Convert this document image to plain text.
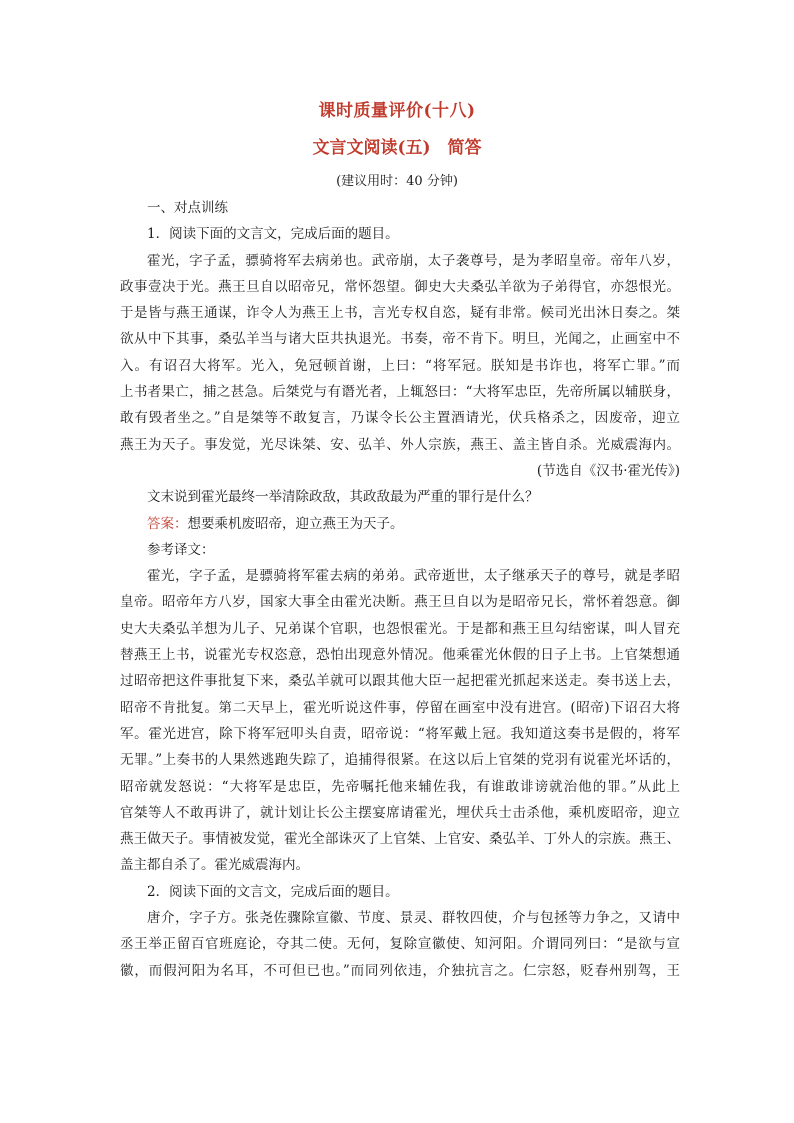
课时质量评价(十八)
文言文阅读(五)　简答
(建议用时：40 分钟)

一、对点训练

1．阅读下面的文言文，完成后面的题目。

霍光，字子孟，骠骑将军去病弟也。武帝崩，太子袭尊号，是为孝昭皇帝。帝年八岁，

政事壹决于光。燕王旦自以昭帝兄，常怀怨望。御史大夫桑弘羊欲为子弟得官，亦怨恨光。

于是皆与燕王通谋，诈令人为燕王上书，言光专权自恣，疑有非常。候司光出沐日奏之。桀

欲从中下其事，桑弘羊当与诸大臣共执退光。书奏，帝不肯下。明旦，光闻之，止画室中不

入。有诏召大将军。光入，免冠顿首谢，上曰：“将军冠。朕知是书诈也，将军亡罪。”而

上书者果亡，捕之甚急。后桀党与有谮光者，上辄怒曰：“大将军忠臣，先帝所属以辅朕身，

敢有毁者坐之。”自是桀等不敢复言，乃谋令长公主置酒请光，伏兵格杀之，因废帝，迎立

燕王为天子。事发觉，光尽诛桀、安、弘羊、外人宗族，燕王、盖主皆自杀。光威震海内。

(节选自《汉书·霍光传》)

文末说到霍光最终一举清除政敌，其政敌最为严重的罪行是什么？

答案：想要乘机废昭帝，迎立燕王为天子。

参考译文：

霍光，字子孟，是骠骑将军霍去病的弟弟。武帝逝世，太子继承天子的尊号，就是孝昭

皇帝。昭帝年方八岁，国家大事全由霍光决断。燕王旦自以为是昭帝兄长，常怀着怨意。御

史大夫桑弘羊想为儿子、兄弟谋个官职，也怨恨霍光。于是都和燕王旦勾结密谋，叫人冒充

替燕王上书，说霍光专权恣意，恐怕出现意外情况。他乘霍光休假的日子上书。上官桀想通

过昭帝把这件事批复下来，桑弘羊就可以跟其他大臣一起把霍光抓起来送走。奏书送上去，

昭帝不肯批复。第二天早上，霍光听说这件事，停留在画室中没有进宫。(昭帝)下诏召大将

军。霍光进宫，除下将军冠叩头自责，昭帝说：“将军戴上冠。我知道这奏书是假的，将军

无罪。”上奏书的人果然逃跑失踪了，追捕得很紧。在这以后上官桀的党羽有说霍光坏话的，

昭帝就发怒说：“大将军是忠臣，先帝嘱托他来辅佐我，有谁敢诽谤就治他的罪。”从此上

官桀等人不敢再讲了，就计划让长公主摆宴席请霍光，埋伏兵士击杀他，乘机废昭帝，迎立

燕王做天子。事情被发觉，霍光全部诛灭了上官桀、上官安、桑弘羊、丁外人的宗族。燕王、

盖主都自杀了。霍光威震海内。

2．阅读下面的文言文，完成后面的题目。

唐介，字子方。张尧佐骤除宣徽、节度、景灵、群牧四使，介与包拯等力争之，又请中

丞王举正留百官班庭论，夺其二使。无何，复除宣徽使、知河阳。介谓同列曰：“是欲与宣

徽，而假河阳为名耳，不可但已也。”而同列依违，介独抗言之。仁宗怒，贬春州别驾，王
